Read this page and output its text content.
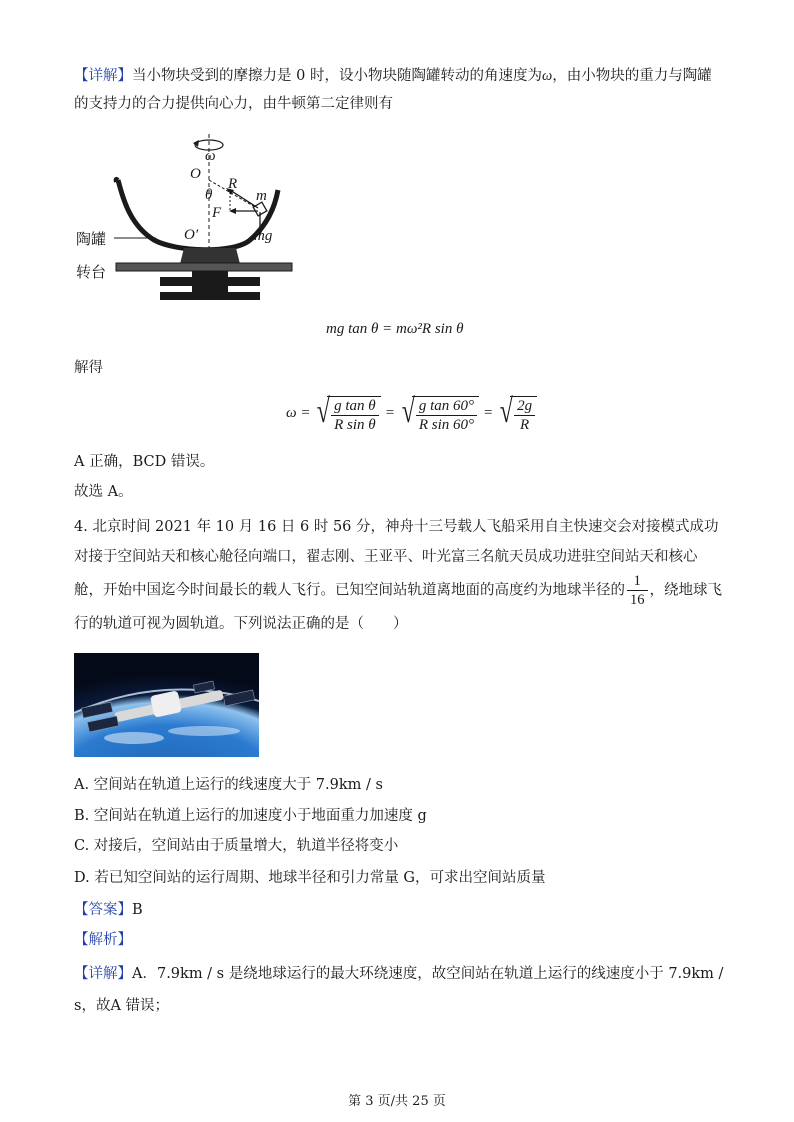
【详解】当小物块受到的摩擦力是 0 时，设小物块随陶罐转动的角速度为ω，由小物块的重力与陶罐的支持力的合力提供向心力，由牛顿第二定律则有
ω
O
θ
R
m
F
O′	mg
陶罐
转台
mg tan θ = mω²R sin θ
解得
ω = √ $\frac{\text{g tan θ}}{\text{R sin θ}}$ = √ $\frac{\text{g tan 60°}}{\text{R sin 60°}}$ = √ $\frac{2g}{R}$
A 正确，BCD 错误。
故选 A。
4. 北京时间 2021 年 10 月 16 日 6 时 56 分，神舟十三号载人飞船采用自主快速交会对接模式成功对接于空间站天和核心舱径向端口，翟志刚、王亚平、叶光富三名航天员成功进驻空间站天和核心舱，开始中国迄今时间最长的载人飞行。已知空间站轨道离地面的高度约为地球半径的 $\frac{1}{16}$ ，绕地球飞行的轨道可视为圆轨道。下列说法正确的是（　　）
A. 空间站在轨道上运行的线速度大于 7.9km / s
B. 空间站在轨道上运行的加速度小于地面重力加速度 g
C. 对接后，空间站由于质量增大，轨道半径将变小
D. 若已知空间站的运行周期、地球半径和引力常量 G，可求出空间站质量
【答案】B
【解析】
【详解】A．7.9km / s 是绕地球运行的最大环绕速度，故空间站在轨道上运行的线速度小于 7.9km / s，故A 错误；
第 3 页/共 25 页
